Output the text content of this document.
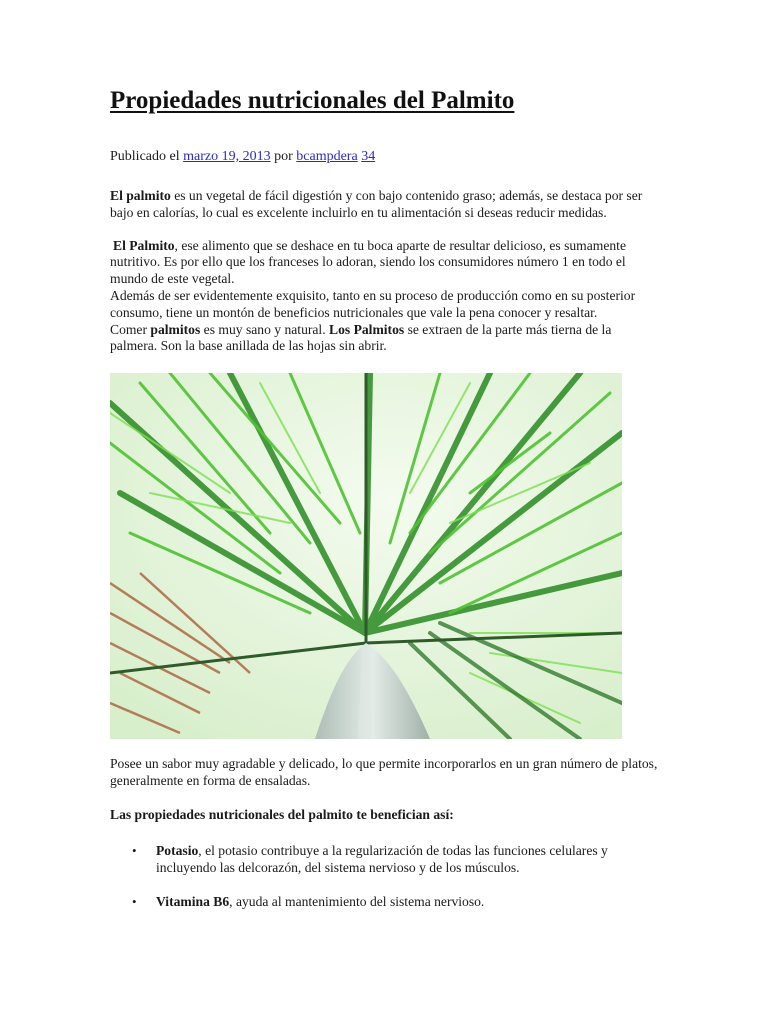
Propiedades nutricionales del Palmito
Publicado el marzo 19, 2013 por bcampdera 34

El palmito es un vegetal de fácil digestión y con bajo contenido graso; además, se destaca por ser bajo en calorías, lo cual es excelente incluirlo en tu alimentación si deseas reducir medidas.

El Palmito, ese alimento que se deshace en tu boca aparte de resultar delicioso, es sumamente nutritivo. Es por ello que los franceses lo adoran, siendo los consumidores número 1 en todo el mundo de este vegetal.
Además de ser evidentemente exquisito, tanto en su proceso de producción como en su posterior consumo, tiene un montón de beneficios nutricionales que vale la pena conocer y resaltar.
Comer palmitos es muy sano y natural. Los Palmitos se extraen de la parte más tierna de la palmera. Son la base anillada de las hojas sin abrir.

Posee un sabor muy agradable y delicado, lo que permite incorporarlos en un gran número de platos, generalmente en forma de ensaladas.

Las propiedades nutricionales del palmito te benefician así:

• Potasio, el potasio contribuye a la regularización de todas las funciones celulares y incluyendo las delcorazón, del sistema nervioso y de los músculos.
• Vitamina B6, ayuda al mantenimiento del sistema nervioso.
